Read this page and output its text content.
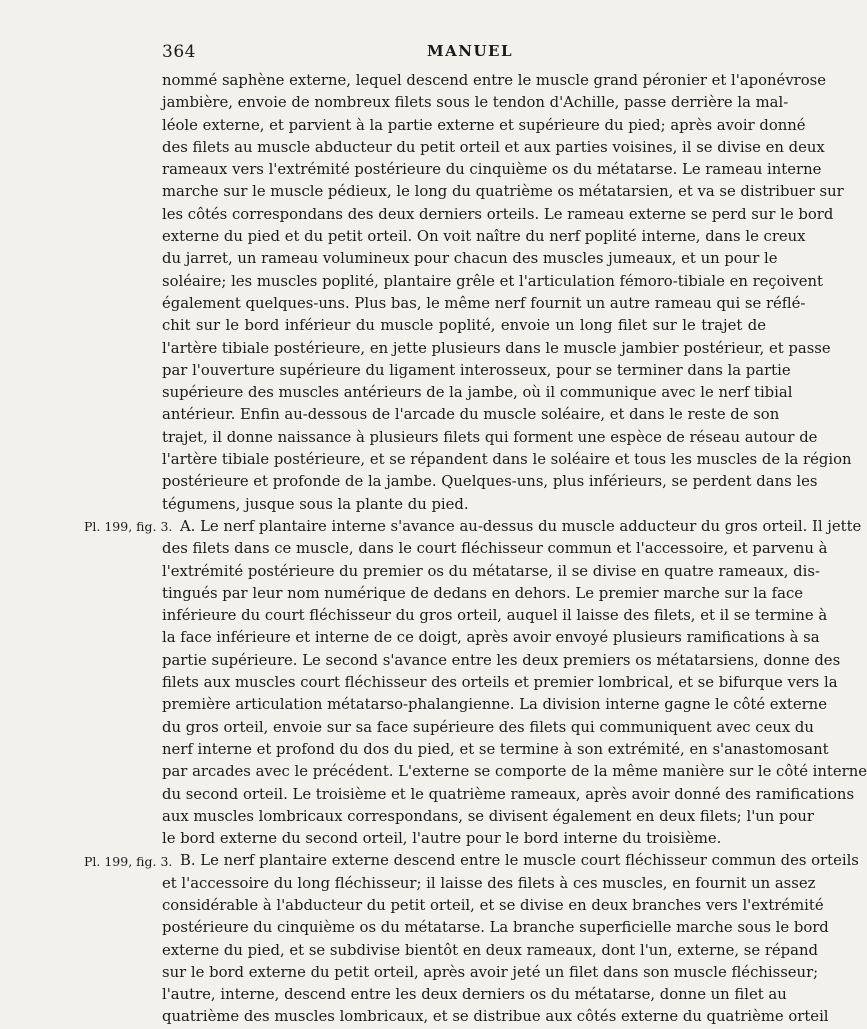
364	MANUEL
nommé saphène externe, lequel descend entre le muscle grand péronier et l'aponévrose
jambière, envoie de nombreux filets sous le tendon d'Achille, passe derrière la mal-
léole externe, et parvient à la partie externe et supérieure du pied; après avoir donné
des filets au muscle abducteur du petit orteil et aux parties voisines, il se divise en deux
rameaux vers l'extrémité postérieure du cinquième os du métatarse. Le rameau interne
marche sur le muscle pédieux, le long du quatrième os métatarsien, et va se distribuer sur
les côtés correspondans des deux derniers orteils. Le rameau externe se perd sur le bord
externe du pied et du petit orteil. On voit naître du nerf poplité interne, dans le creux
du jarret, un rameau volumineux pour chacun des muscles jumeaux, et un pour le
soléaire; les muscles poplité, plantaire grêle et l'articulation fémoro-tibiale en reçoivent
également quelques-uns. Plus bas, le même nerf fournit un autre rameau qui se réflé-
chit sur le bord inférieur du muscle poplité, envoie un long filet sur le trajet de
l'artère tibiale postérieure, en jette plusieurs dans le muscle jambier postérieur, et passe
par l'ouverture supérieure du ligament interosseux, pour se terminer dans la partie
supérieure des muscles antérieurs de la jambe, où il communique avec le nerf tibial
antérieur. Enfin au-dessous de l'arcade du muscle soléaire, et dans le reste de son
trajet, il donne naissance à plusieurs filets qui forment une espèce de réseau autour de
l'artère tibiale postérieure, et se répandent dans le soléaire et tous les muscles de la région
postérieure et profonde de la jambe. Quelques-uns, plus inférieurs, se perdent dans les
tégumens, jusque sous la plante du pied.
A. Le nerf plantaire interne s'avance au-dessus du muscle adducteur du gros orteil. Il jette
des filets dans ce muscle, dans le court fléchisseur commun et l'accessoire, et parvenu à
l'extrémité postérieure du premier os du métatarse, il se divise en quatre rameaux, dis-
tingués par leur nom numérique de dedans en dehors. Le premier marche sur la face
inférieure du court fléchisseur du gros orteil, auquel il laisse des filets, et il se termine à
la face inférieure et interne de ce doigt, après avoir envoyé plusieurs ramifications à sa
partie supérieure. Le second s'avance entre les deux premiers os métatarsiens, donne des
filets aux muscles court fléchisseur des orteils et premier lombrical, et se bifurque vers la
première articulation métatarso-phalangienne. La division interne gagne le côté externe
du gros orteil, envoie sur sa face supérieure des filets qui communiquent avec ceux du
nerf interne et profond du dos du pied, et se termine à son extrémité, en s'anastomosant
par arcades avec le précédent. L'externe se comporte de la même manière sur le côté interne
du second orteil. Le troisième et le quatrième rameaux, après avoir donné des ramifications
aux muscles lombricaux correspondans, se divisent également en deux filets; l'un pour
le bord externe du second orteil, l'autre pour le bord interne du troisième.
B. Le nerf plantaire externe descend entre le muscle court fléchisseur commun des orteils
et l'accessoire du long fléchisseur; il laisse des filets à ces muscles, en fournit un assez
considérable à l'abducteur du petit orteil, et se divise en deux branches vers l'extrémité
postérieure du cinquième os du métatarse. La branche superficielle marche sous le bord
externe du pied, et se subdivise bientôt en deux rameaux, dont l'un, externe, se répand
sur le bord externe du petit orteil, après avoir jeté un filet dans son muscle fléchisseur;
l'autre, interne, descend entre les deux derniers os du métatarse, donne un filet au
quatrième des muscles lombricaux, et se distribue aux côtés externe du quatrième orteil
Pl. 199, fig. 3.
Pl. 199, fig. 3.
